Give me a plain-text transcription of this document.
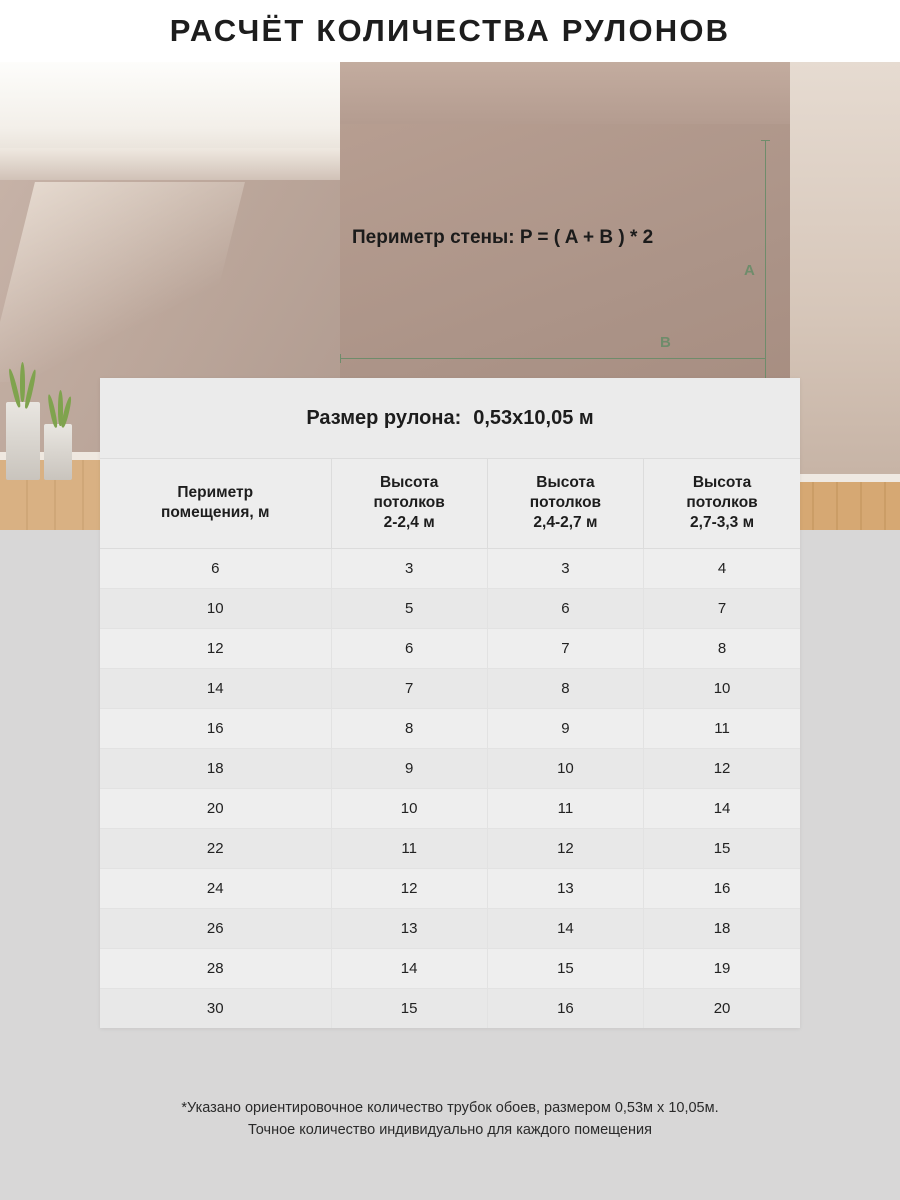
РАСЧЁТ КОЛИЧЕСТВА РУЛОНОВ
Периметр стены: P = ( A + B ) * 2
A
B
Размер рулона: 0,53х10,05 м
Периметр
помещения, м	Высота
потолков
2-2,4 м	Высота
потолков
2,4-2,7 м	Высота
потолков
2,7-3,3 м
6	3	3	4
10	5	6	7
12	6	7	8
14	7	8	10
16	8	9	11
18	9	10	12
20	10	11	14
22	11	12	15
24	12	13	16
26	13	14	18
28	14	15	19
30	15	16	20
*Указано ориентировочное количество трубок обоев, размером 0,53м х 10,05м.
Точное количество индивидуально для каждого помещения
